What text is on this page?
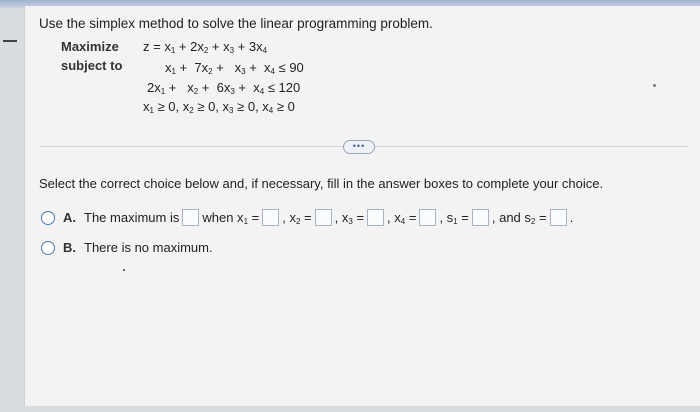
Use the simplex method to solve the linear programming problem.
Maximize
subject to
$z = x_1 + 2x_2 + x_3 + 3x_4$
$x_1 + 7x_2 + x_3 + x_4 \le 90$
$2x_1 + x_2 + 6x_3 + x_4 \le 120$
$x_1 \ge 0$, $x_2 \ge 0$, $x_3 \ge 0$, $x_4 \ge 0$
•••
Select the correct choice below and, if necessary, fill in the answer boxes to complete your choice.
A. The maximum is when $x_1$ = , $x_2$ = , $x_3$ = , $x_4$ = , $s_1$ = , and $s_2$ = .
B. There is no maximum.
